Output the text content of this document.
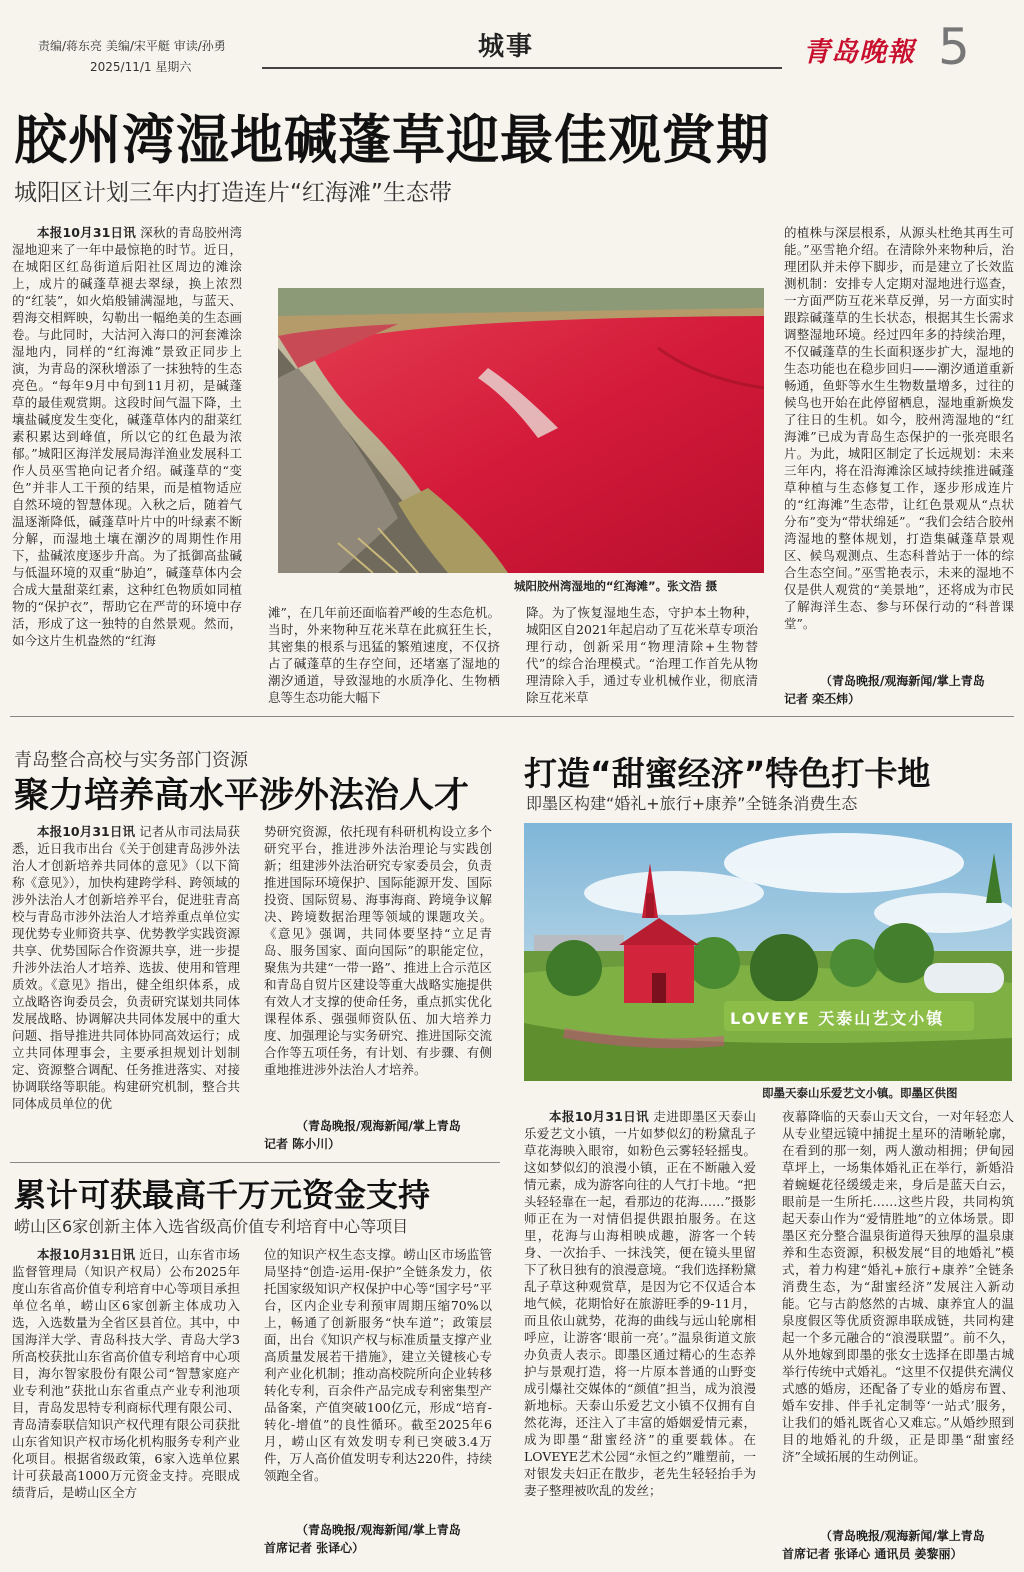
责编/蒋东亮 美编/宋平艇 审读/孙勇
2025/11/1 星期六
城事	青岛晚報 5
胶州湾湿地碱蓬草迎最佳观赏期
城阳区计划三年内打造连片“红海滩”生态带

本报10月31日讯 深秋的青岛胶州湾湿地迎来了一年中最惊艳的时节。近日，在城阳区红岛街道后阳社区周边的滩涂上，成片的碱蓬草褪去翠绿，换上浓烈的“红装”，如火焰般铺满湿地，与蓝天、碧海交相辉映，勾勒出一幅绝美的生态画卷。与此同时，大沽河入海口的河套滩涂湿地内，同样的“红海滩”景致正同步上演，为青岛的深秋增添了一抹独特的生态亮色。“每年9月中旬到11月初，是碱蓬草的最佳观赏期。这段时间气温下降，土壤盐碱度发生变化，碱蓬草体内的甜菜红素积累达到峰值，所以它的红色最为浓郁。”城阳区海洋发展局海洋渔业发展科工作人员巫雪艳向记者介绍。碱蓬草的“变色”并非人工干预的结果，而是植物适应自然环境的智慧体现。入秋之后，随着气温逐渐降低，碱蓬草叶片中的叶绿素不断分解，而湿地土壤在潮汐的周期性作用下，盐碱浓度逐步升高。为了抵御高盐碱与低温环境的双重“胁迫”，碱蓬草体内会合成大量甜菜红素，这种红色物质如同植物的“保护衣”，帮助它在严苛的环境中存活，形成了这一独特的自然景观。然而，如今这片生机盎然的“红海

城阳胶州湾湿地的“红海滩”。张文浩 摄
滩”，在几年前还面临着严峻的生态危机。当时，外来物种互花米草在此疯狂生长，其密集的根系与迅猛的繁殖速度，不仅挤占了碱蓬草的生存空间，还堵塞了湿地的潮汐通道，导致湿地的水质净化、生物栖息等生态功能大幅下
降。为了恢复湿地生态，守护本土物种，城阳区自2021年起启动了互花米草专项治理行动，创新采用“物理清除+生物替代”的综合治理模式。“治理工作首先从物理清除入手，通过专业机械作业，彻底清除互花米草
的植株与深层根系，从源头杜绝其再生可能。”巫雪艳介绍。在清除外来物种后，治理团队并未停下脚步，而是建立了长效监测机制：安排专人定期对湿地进行巡查，一方面严防互花米草反弹，另一方面实时跟踪碱蓬草的生长状态，根据其生长需求调整湿地环境。经过四年多的持续治理，不仅碱蓬草的生长面积逐步扩大，湿地的生态功能也在稳步回归——潮汐通道重新畅通，鱼虾等水生生物数量增多，过往的候鸟也开始在此停留栖息，湿地重新焕发了往日的生机。如今，胶州湾湿地的“红海滩”已成为青岛生态保护的一张亮眼名片。为此，城阳区制定了长远规划：未来三年内，将在沿海滩涂区域持续推进碱蓬草种植与生态修复工作，逐步形成连片的“红海滩”生态带，让红色景观从“点状分布”变为“带状绵延”。“我们会结合胶州湾湿地的整体规划，打造集碱蓬草景观区、候鸟观测点、生态科普站于一体的综合生态空间。”巫雪艳表示，未来的湿地不仅是供人观赏的“美景地”，还将成为市民了解海洋生态、参与环保行动的“科普课堂”。
（青岛晚报/观海新闻/掌上青岛
记者 栾丕炜）
青岛整合高校与实务部门资源
聚力培养高水平涉外法治人才

本报10月31日讯 记者从市司法局获悉，近日我市出台《关于创建青岛涉外法治人才创新培养共同体的意见》（以下简称《意见》），加快构建跨学科、跨领域的涉外法治人才创新培养平台，促进驻青高校与青岛市涉外法治人才培养重点单位实现优势专业师资共享、优势教学实践资源共享、优势国际合作资源共享，进一步提升涉外法治人才培养、选拔、使用和管理质效。《意见》指出，健全组织体系，成立战略咨询委员会，负责研究谋划共同体发展战略、协调解决共同体发展中的重大问题、指导推进共同体协同高效运行；成立共同体理事会，主要承担规划计划制定、资源整合调配、任务推进落实、对接协调联络等职能。构建研究机制，整合共同体成员单位的优

势研究资源，依托现有科研机构设立多个研究平台，推进涉外法治理论与实践创新；组建涉外法治研究专家委员会，负责推进国际环境保护、国际能源开发、国际投资、国际贸易、海事海商、跨境争议解决、跨境数据治理等领域的课题攻关。《意见》强调，共同体要坚持“立足青岛、服务国家、面向国际”的职能定位，聚焦为共建“一带一路”、推进上合示范区和青岛自贸片区建设等重大战略实施提供有效人才支撑的使命任务，重点抓实优化课程体系、强强师资队伍、加大培养力度、加强理论与实务研究、推进国际交流合作等五项任务，有计划、有步骤、有侧重地推进涉外法治人才培养。
（青岛晚报/观海新闻/掌上青岛
记者 陈小川）
累计可获最高千万元资金支持
崂山区6家创新主体入选省级高价值专利培育中心等项目

本报10月31日讯 近日，山东省市场监督管理局（知识产权局）公布2025年度山东省高价值专利培育中心等项目承担单位名单，崂山区6家创新主体成功入选，入选数量为全省区县首位。其中，中国海洋大学、青岛科技大学、青岛大学3所高校获批山东省高价值专利培育中心项目，海尔智家股份有限公司“智慧家庭产业专利池”获批山东省重点产业专利池项目，青岛发思特专利商标代理有限公司、青岛清泰联信知识产权代理有限公司获批山东省知识产权市场化机构服务专利产业化项目。根据省级政策，6家入选单位累计可获最高1000万元资金支持。亮眼成绩背后，是崂山区全方

位的知识产权生态支撑。崂山区市场监管局坚持“创造-运用-保护”全链条发力，依托国家级知识产权保护中心等“国字号”平台，区内企业专利预审周期压缩70%以上，畅通了创新服务“快车道”；政策层面，出台《知识产权与标准质量支撑产业高质量发展若干措施》，建立关键核心专利产业化机制；推动高校院所向企业转移转化专利，百余件产品完成专利密集型产品备案，产值突破100亿元，形成“培育-转化-增值”的良性循环。截至2025年6月，崂山区有效发明专利已突破3.4万件，万人高价值发明专利达220件，持续领跑全省。
（青岛晚报/观海新闻/掌上青岛
首席记者 张译心）
打造“甜蜜经济”特色打卡地
即墨区构建“婚礼+旅行+康养”全链条消费生态
LOVEYE 天泰山艺文小镇
即墨天泰山乐爱艺文小镇。即墨区供图

本报10月31日讯 走进即墨区天泰山乐爱艺文小镇，一片如梦似幻的粉黛乱子草花海映入眼帘，如粉色云雾轻轻摇曳。这如梦似幻的浪漫小镇，正在不断融入爱情元素，成为游客向往的人气打卡地。“把头轻轻靠在一起，看那边的花海……”摄影师正在为一对情侣提供跟拍服务。在这里，花海与山海相映成趣，游客一个转身、一次抬手、一抹浅笑，便在镜头里留下了秋日独有的浪漫意境。“我们选择粉黛乱子草这种观赏草，是因为它不仅适合本地气候，花期恰好在旅游旺季的9-11月，而且依山就势，花海的曲线与远山轮廓相呼应，让游客‘眼前一亮’。”温泉街道文旅办负责人表示。即墨区通过精心的生态养护与景观打造，将一片原本普通的山野变成引爆社交媒体的“颜值”担当，成为浪漫新地标。天泰山乐爱艺文小镇不仅拥有自然花海，还注入了丰富的婚姻爱情元素，成为即墨“甜蜜经济”的重要载体。在LOVEYE艺术公园“永恒之约”雕塑前，一对银发夫妇正在散步，老先生轻轻抬手为妻子整理被吹乱的发丝；

夜幕降临的天泰山天文台，一对年轻恋人从专业望远镜中捕捉土星环的清晰轮廓，在看到的那一刻，两人激动相拥；伊甸园草坪上，一场集体婚礼正在举行，新婚沿着蜿蜒花径缓缓走来，身后是蓝天白云，眼前是一生所托……这些片段，共同构筑起天泰山作为“爱情胜地”的立体场景。即墨区充分整合温泉街道得天独厚的温泉康养和生态资源，积极发展“目的地婚礼”模式，着力构建“婚礼+旅行+康养”全链条消费生态，为“甜蜜经济”发展注入新动能。它与古韵悠然的古城、康养宜人的温泉度假区等优质资源串联成链，共同构建起一个多元融合的“浪漫联盟”。前不久，从外地嫁到即墨的张女士选择在即墨古城举行传统中式婚礼。“这里不仅提供充满仪式感的婚房，还配备了专业的婚房布置、婚车安排、伴手礼定制等‘一站式’服务，让我们的婚礼既省心又难忘。”从婚纱照到目的地婚礼的升级，正是即墨“甜蜜经济”全域拓展的生动例证。
（青岛晚报/观海新闻/掌上青岛
首席记者 张译心 通讯员 姜黎丽）
